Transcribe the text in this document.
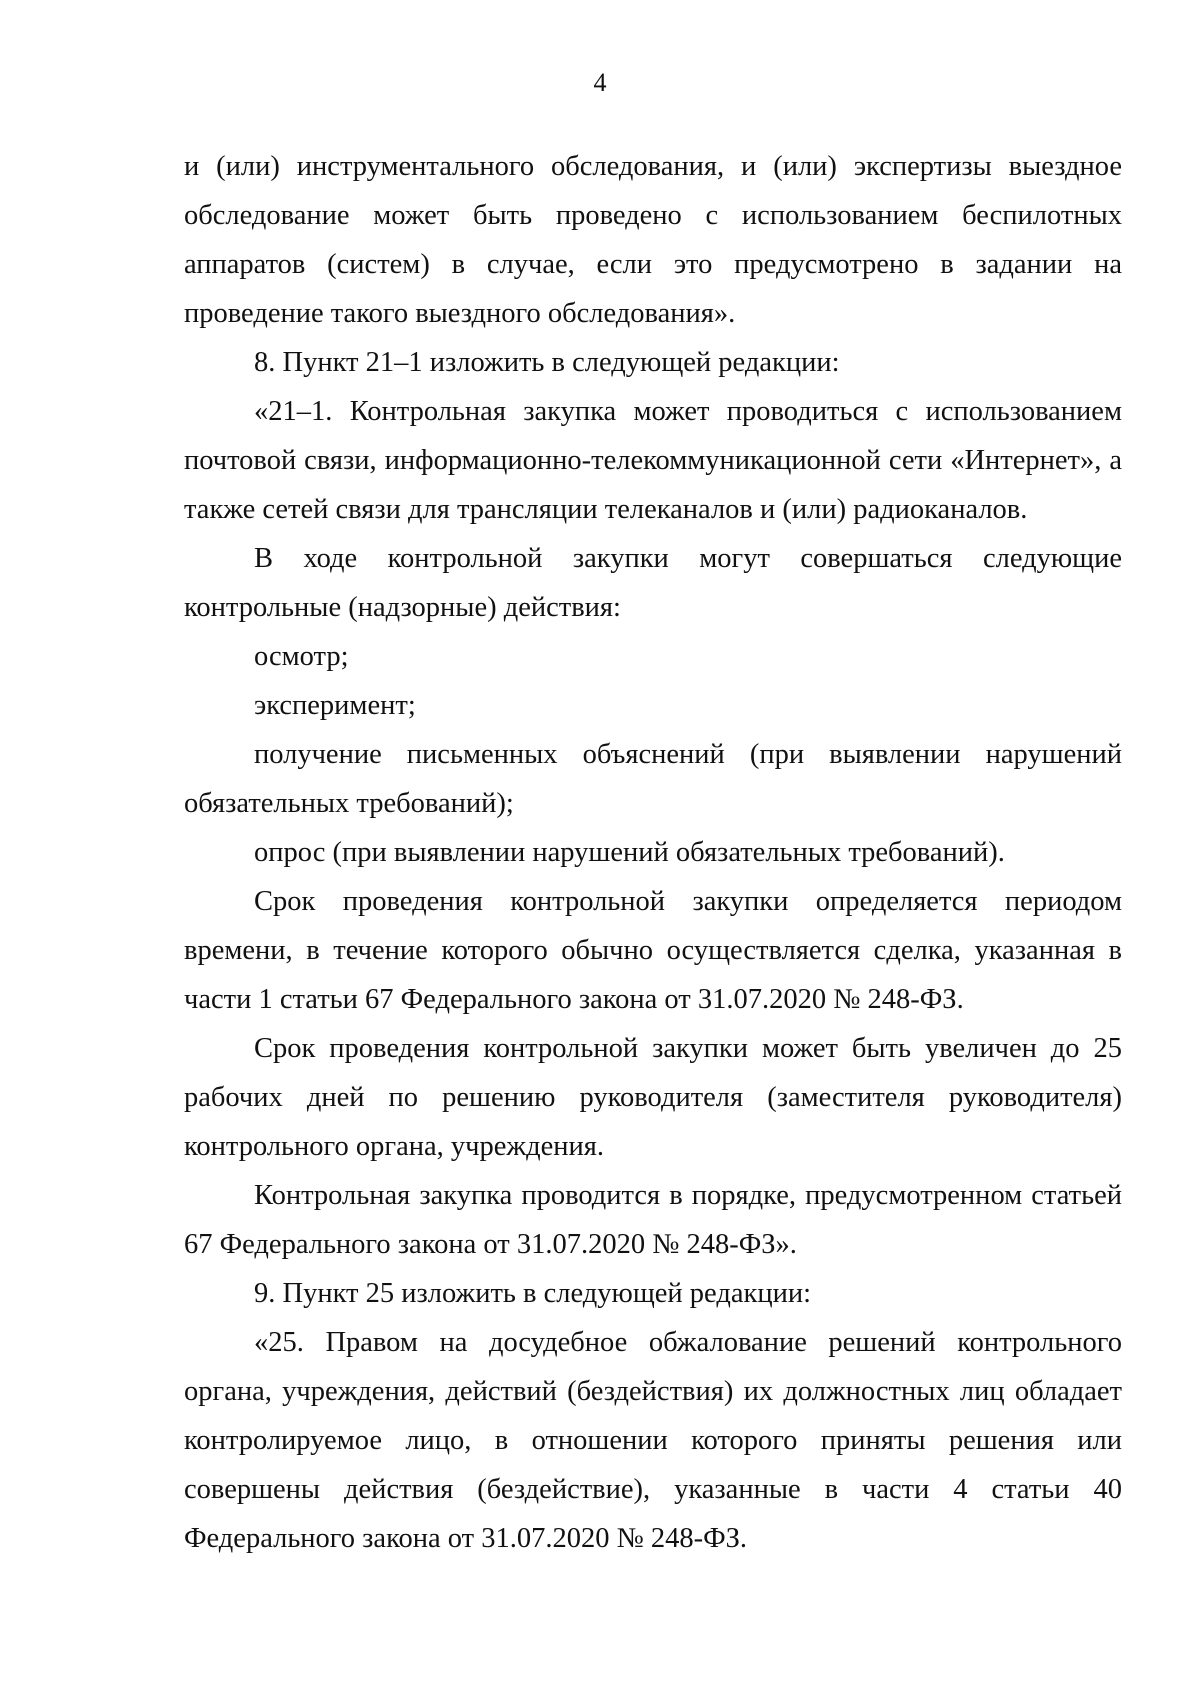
4

и (или) инструментального обследования, и (или) экспертизы выездное обследование может быть проведено с использованием беспилотных аппаратов (систем) в случае, если это предусмотрено в задании на проведение такого выездного обследования».

8. Пункт 21–1 изложить в следующей редакции:

«21–1. Контрольная закупка может проводиться с использованием почтовой связи, информационно-телекоммуникационной сети «Интернет», а также сетей связи для трансляции телеканалов и (или) радиоканалов.

В ходе контрольной закупки могут совершаться следующие контрольные (надзорные) действия:

осмотр;

эксперимент;

получение письменных объяснений (при выявлении нарушений обязательных требований);

опрос (при выявлении нарушений обязательных требований).

Срок проведения контрольной закупки определяется периодом времени, в течение которого обычно осуществляется сделка, указанная в части 1 статьи 67 Федерального закона от 31.07.2020 № 248-ФЗ.

Срок проведения контрольной закупки может быть увеличен до 25 рабочих дней по решению руководителя (заместителя руководителя) контрольного органа, учреждения.

Контрольная закупка проводится в порядке, предусмотренном статьей 67 Федерального закона от 31.07.2020 № 248-ФЗ».

9. Пункт 25 изложить в следующей редакции:

«25. Правом на досудебное обжалование решений контрольного органа, учреждения, действий (бездействия) их должностных лиц обладает контролируемое лицо, в отношении которого приняты решения или совершены действия (бездействие), указанные в части 4 статьи 40 Федерального закона от 31.07.2020 № 248-ФЗ.
